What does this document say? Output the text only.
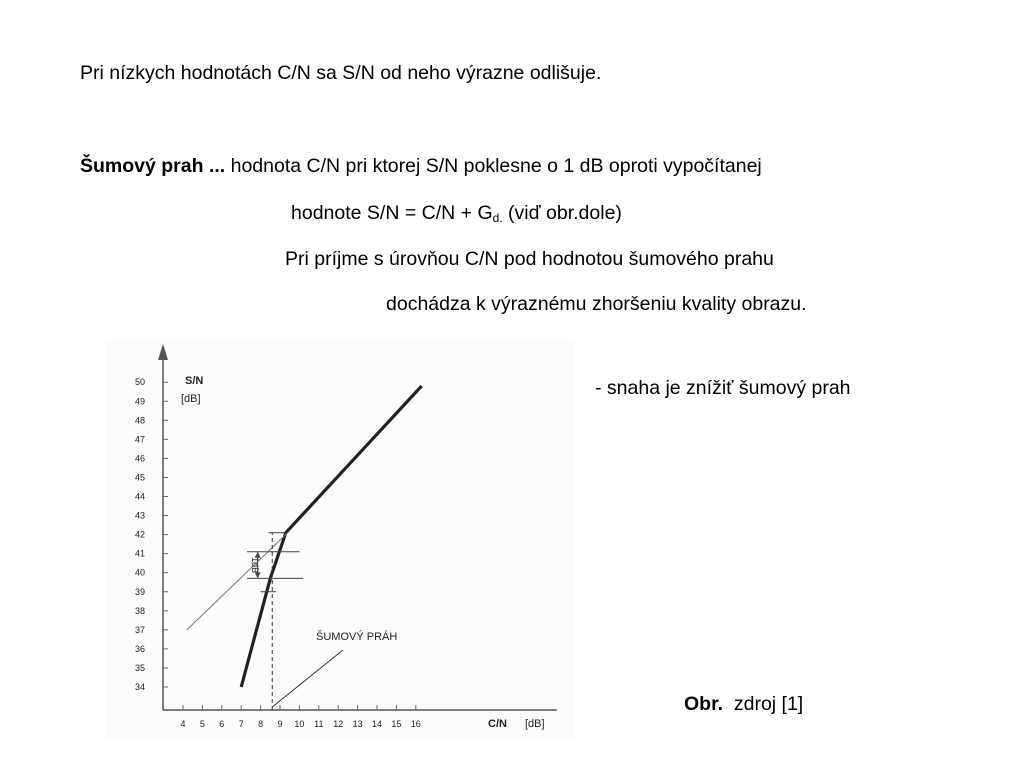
Pri nízkych hodnotách C/N sa S/N od neho výrazne odlišuje.
Šumový prah ... hodnota C/N pri ktorej S/N poklesne o 1 dB oproti vypočítanej
hodnote $S/N = C/N + G_{d.}$ (viď obr.dole)
Pri príjme s úrovňou C/N pod hodnotou šumového prahu
dochádza k výraznému zhoršeniu kvality obrazu.
- snaha je znížiť šumový prah
Obr. zdroj [1]
34
35
36
37
38
39
40
41
42
43
44
45
46
47
48
49
50
4 5 6 7 8 9 10 11 12 13 14 15 16
S/N
[dB]
C/N [dB]
ŠUMOVÝ PRÁH
1dB
